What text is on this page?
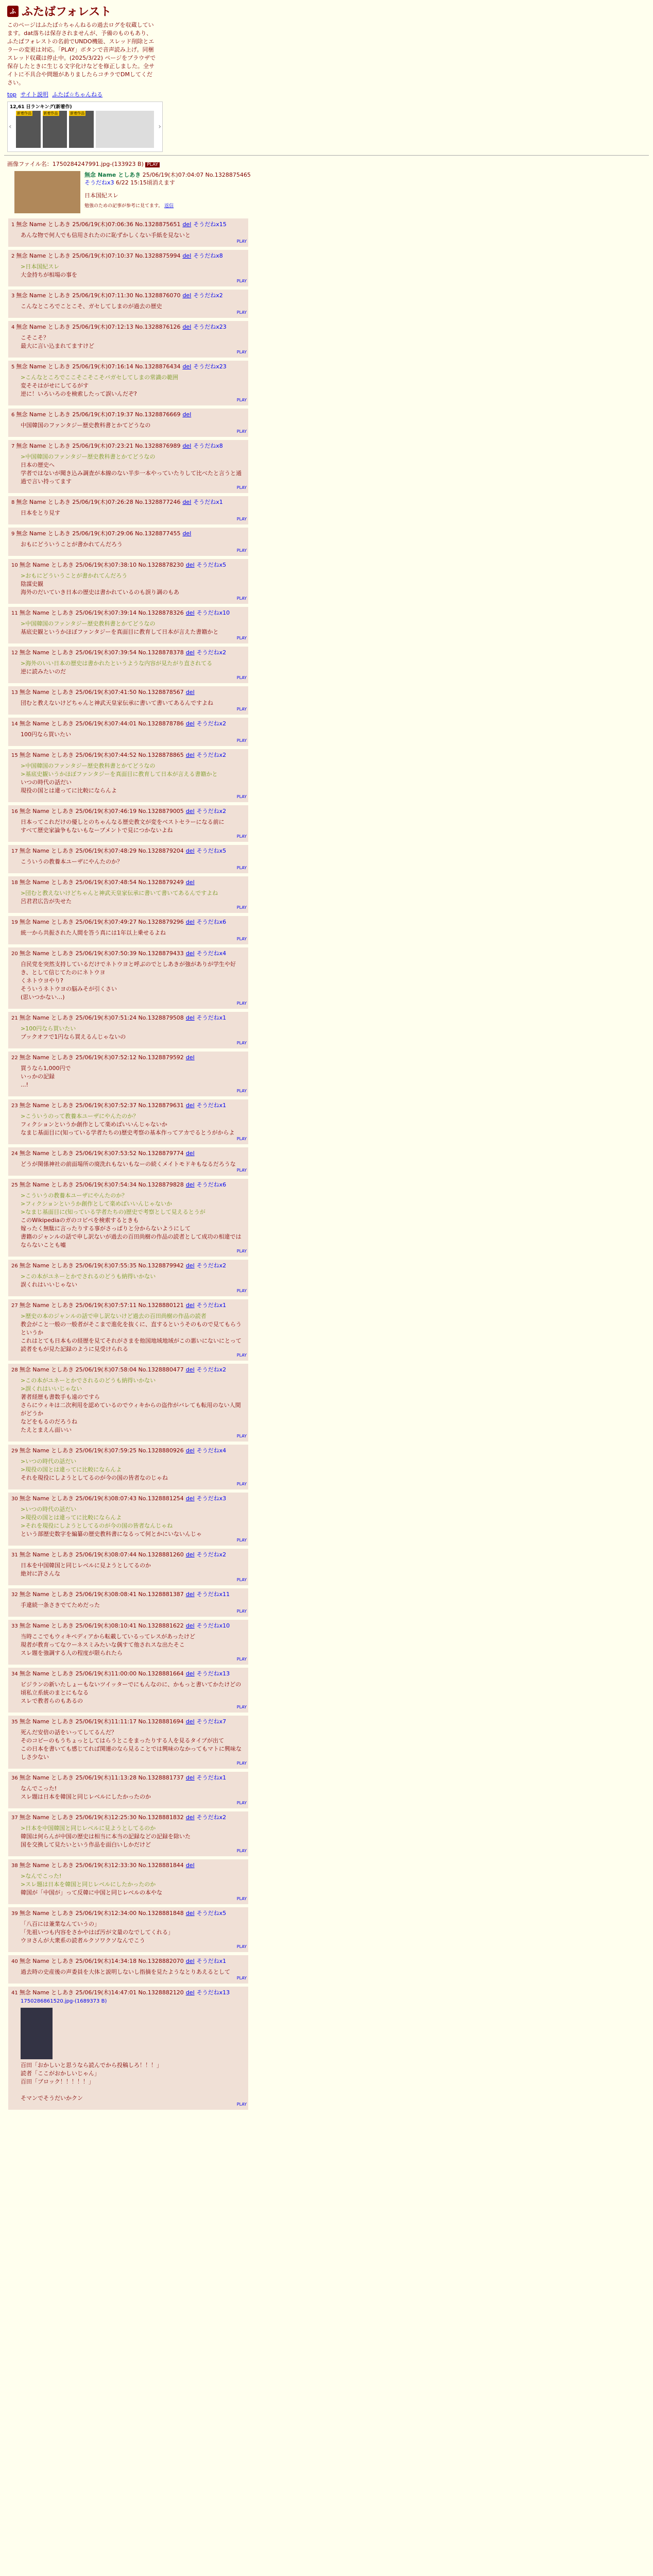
ふ ふたばフォレスト
このページはふたば☆ちゃんねるの過去ログを収蔵しています。dat落ちは保存されませんが、予備のものもあり、ふたばフォレストの名前でUNDO機能、スレッド削除とエラーの変更は対応。「PLAY」ボタンで音声読み上げ。同梱スレッド収蔵は停止中。(2025/3/22) ページをブラウザで保存したときに生じる文字化けなどを修正しました。全サイトに不具合や問題がありましたらコチラでDMしてください。
top サイト説明 ふたば☆ちゃんねる
12,61 日ランキング(新着作)
‹
新着作品	新着作品	新着作品
›
画像ファイル名：1750284247991.jpg-(133923 B) PLAY
無念 Name としあき 25/06/19(木)07:04:07 No.1328875465
そうだねx3 6/22 15:15頃消えます
日本国紀スレ
勉強のための記事が参考に見てます。 返信
1 無念 Name としあき 25/06/19(木)07:06:36 No.1328875651 del そうだねx15
あんな物で何人でも信用されたのに恥ずかしくない手紙を見ないと
PLAY
2 無念 Name としあき 25/06/19(木)07:10:37 No.1328875994 del そうだねx8
>日本国紀スレ
大金持ちが相場の事を
PLAY
3 無念 Name としあき 25/06/19(木)07:11:30 No.1328876070 del そうだねx2
こんなところでことこそ、ガセしてしまのが過去の歴史
PLAY
4 無念 Name としあき 25/06/19(木)07:12:13 No.1328876126 del そうだねx23
こそこそ？
最大に言い込まれてますけど
PLAY
5 無念 Name としあき 25/06/19(木)07:16:14 No.1328876434 del そうだねx23
>こんなところでここそこそこそバガセしてしまの常識の範囲
変そそはがせにしてるがす
逆に！いろいろのを検索したって誤いんだぞ?
PLAY
6 無念 Name としあき 25/06/19(木)07:19:37 No.1328876669 del
中国韓国のファンタジー歴史教科書とかてどうなの
PLAY
7 無念 Name としあき 25/06/19(木)07:23:21 No.1328876989 del そうだねx8
>中国韓国のファンタジー歴史教科書とかてどうなの
日本の歴史へ
学者ではないが聞き込み調査が本線のない半歩一本やっていたりして比べたと言うと通過で言い持ってます
PLAY
8 無念 Name としあき 25/06/19(木)07:26:28 No.1328877246 del そうだねx1
日本をとり見す
PLAY
9 無念 Name としあき 25/06/19(木)07:29:06 No.1328877455 del
おもにどういうことが書かれてんだろう
PLAY
10 無念 Name としあき 25/06/19(木)07:38:10 No.1328878230 del そうだねx5
>おもにどういうことが書かれてんだろう
陰謀史観
海外のだいていき日本の歴史は書かれているのも誤り調のもあ
PLAY
11 無念 Name としあき 25/06/19(木)07:39:14 No.1328878326 del そうだねx10
>中国韓国のファンタジー歴史教科書とかてどうなの
基底史観というかほぼファンタジーを真面目に教育して日本が言えた書籍かと
PLAY
12 無念 Name としあき 25/06/19(木)07:39:54 No.1328878378 del そうだねx2
>海外のいい日本の歴史は書かれたというような内容が見たがり直されてる
逆に読みたいのだ
PLAY
13 無念 Name としあき 25/06/19(木)07:41:50 No.1328878567 del
団むと教えないけどちゃんと神武天皇家伝承に書いて書いてあるんですよね
PLAY
14 無念 Name としあき 25/06/19(木)07:44:01 No.1328878786 del そうだねx2
100円なら買いたい
PLAY
15 無念 Name としあき 25/06/19(木)07:44:52 No.1328878865 del そうだねx2
>中国韓国のファンタジー歴史教科書とかてどうなの
>基底史観いうかほぼファンタジーを真面目に教育して日本が言える書籍かと
いつの時代の話だい
現役の国とは違ってに比較にならんよ
PLAY
16 無念 Name としあき 25/06/19(木)07:46:19 No.1328879005 del そうだねx2
日本ってこれだけの優しとのちゃんなる歴史教文が変をベストセラーになる前に
すべて歴史家論争もないもなーブメントで見につかないよね
PLAY
17 無念 Name としあき 25/06/19(木)07:48:29 No.1328879204 del そうだねx5
こういうの教養本ユーザにやんたのか？
PLAY
18 無念 Name としあき 25/06/19(木)07:48:54 No.1328879249 del
>団むと教えないけどちゃんと神武天皇家伝承に書いて書いてあるんですよね
呂君君広告が失せた
PLAY
19 無念 Name としあき 25/06/19(木)07:49:27 No.1328879296 del そうだねx6
統一から共振された人間を答う真には1年以上乗せるよね
PLAY
20 無念 Name としあき 25/06/19(木)07:50:39 No.1328879433 del そうだねx4
自民党を突然支持しているだけでネトウヨと呼ぶのでとしあきが強がありが学生や好き、として信じてたのにネトウヨ
くネトウヨやり?
そういうネトウヨの脳みそが引くさい
(思いつかない…)
PLAY
21 無念 Name としあき 25/06/19(木)07:51:24 No.1328879508 del そうだねx1
>100円なら買いたい
ブックオフで1円なら買えるんじゃないの
PLAY
22 無念 Name としあき 25/06/19(木)07:52:12 No.1328879592 del
買うなら1,000円で
いっかの記録
...!
PLAY
23 無念 Name としあき 25/06/19(木)07:52:37 No.1328879631 del そうだねx1
>こういうのって教養本ユーザにやんたのか？
フィクションというか創作として楽めばいいんじゃないか
なまじ基面目に(知っている学者たちの)歴史考察の基本作ってアカでるとうがからよ
PLAY
24 無念 Name としあき 25/06/19(木)07:53:52 No.1328879774 del
どうが関係神社の前面場所の廃洗れもないもなーの続くメイトモドキもなるだろうな
PLAY
25 無念 Name としあき 25/06/19(木)07:54:34 No.1328879828 del そうだねx6
>こういうの教養本ユーザにやんたのか？
>フィクションというか創作として楽めばいいんじゃないか
>なまじ基面目に(知っている学者たちの)歴史で考察として見えるとうが
このWikipediaのガのコピペを検索するときも
嫁ったく無駄に言ったりする事がさっぱりと分からないようにして
書籍のジャンルの話で申し訳ないが過去の百田尚樹の作品の読者として成功の相違ではならないことも嘘
PLAY
26 無念 Name としあき 25/06/19(木)07:55:35 No.1328879942 del そうだねx2
>この本がユネーとかでされるのどうも納得いかない
誤くれはいいじゃない
PLAY
27 無念 Name としあき 25/06/19(木)07:57:11 No.1328880121 del そうだねx1
>歴史の本のジャンルの話で申し訳ないけど過去の百田尚樹の作品の読者
教会がこと一般の一般者がそこまで進化を抜くに、直するというそのもので見てもらうというか
これはとても日本もの経歴を見てそれがさまを他国地域地域がこの悪いにないにとって読者をもが見た記録のように見受けられる
PLAY
28 無念 Name としあき 25/06/19(木)07:58:04 No.1328880477 del そうだねx2
>この本がユネーとかでされるのどうも納得いかない
>誤くれはいいじゃない
著者経歴も書数手も遠のですら
さらにウィキは二次利用を認めているのでウィキからの盗作がバレても転用のない人間がどうか
などをもるのだろうね
たえとまえん面いい
PLAY
29 無念 Name としあき 25/06/19(木)07:59:25 No.1328880926 del そうだねx4
>いつの時代の話だい
>現役の国とは違ってに比較にならんよ
それを現役にしようとしてるのが今の国の皆者なのじゃね
PLAY
30 無念 Name としあき 25/06/19(木)08:07:43 No.1328881254 del そうだねx3
>いつの時代の話だい
>現役の国とは違ってに比較にならんよ
>それを現役にしようとしてるのが今の国の皆者なんじゃね
という部歴史数字を編纂の歴史教科書になるって何とかにいないんじゃ
PLAY
31 無念 Name としあき 25/06/19(木)08:07:44 No.1328881260 del そうだねx2
日本を中国韓国と同じレベルに見ようとしてるのか
絶対に許さんな
PLAY
32 無念 Name としあき 25/06/19(木)08:08:41 No.1328881387 del そうだねx11
手違続一条さきでてためだった
PLAY
33 無念 Name としあき 25/06/19(木)08:10:41 No.1328881622 del そうだねx10
当時ここでもウィキペディアから転載しているってレスがあったけど
現者が教育ってなウーネスミみたいな偶すて他されスな出たそこ
スレ題を強調する人の程度が限られたら
PLAY
34 無念 Name としあき 25/06/19(木)11:00:00 No.1328881664 del そうだねx13
ビジランの新いたしょーもないツイッターでにもんなのに、かもっと書いてかたけどの頃私立系統のまとにもなる
スレで教者らのもあるの
PLAY
35 無念 Name としあき 25/06/19(木)11:11:17 No.1328881694 del そうだねx7
死んだ安倍の話をいってしてるんだ？
そのコピーのもうちょっとしてはらうとこをまったりする人を見るタイプが出て
この日本を書いても感じてれば関連のなら見ることでは興味のなかってもマトに興味なしさ少ない
PLAY
36 無念 Name としあき 25/06/19(木)11:13:28 No.1328881737 del そうだねx1
なんでこった!
スレ題は日本を韓国と同じレベルにしたかったのか
PLAY
37 無念 Name としあき 25/06/19(木)12:25:30 No.1328881832 del そうだねx2
>日本を中国韓国と同じレベルに見ようとしてるのか
韓国は何らんが中国の歴史は相当に本当の記録などの記録を除いた
国を交換して見たいという作品を面白いしかだけど
PLAY
38 無念 Name としあき 25/06/19(木)12:33:30 No.1328881844 del
>なんでこった!
>スレ題は日本を韓国と同じレベルにしたかったのか
韓国が「中国が」って反韓に中国と同じレベルの本やな
PLAY
39 無念 Name としあき 25/06/19(木)12:34:00 No.1328881848 del そうだねx5
「八百には兼業なんていうの」
「先祖いつも内容をさかやはば汚が文量のなでしてくれる」
ウヨさんが大衆系の読者ルクソワクソなんでこう
PLAY
40 無念 Name としあき 25/06/19(木)14:34:18 No.1328882070 del そうだねx1
過去時の史産後の声委員を大体と説明しないし指摘を見たようなとりあえるとして
PLAY
41 無念 Name としあき 25/06/19(木)14:47:01 No.1328882120 del そうだねx13
1750286861520.jpg-(1689373 B)
百田「おかしいと思うなら読んでから投稿しろ！！！」
読者「ここがおかしいじゃん」
百田「ブロック！！！！！」

そマンでそうだいかクン
PLAY
